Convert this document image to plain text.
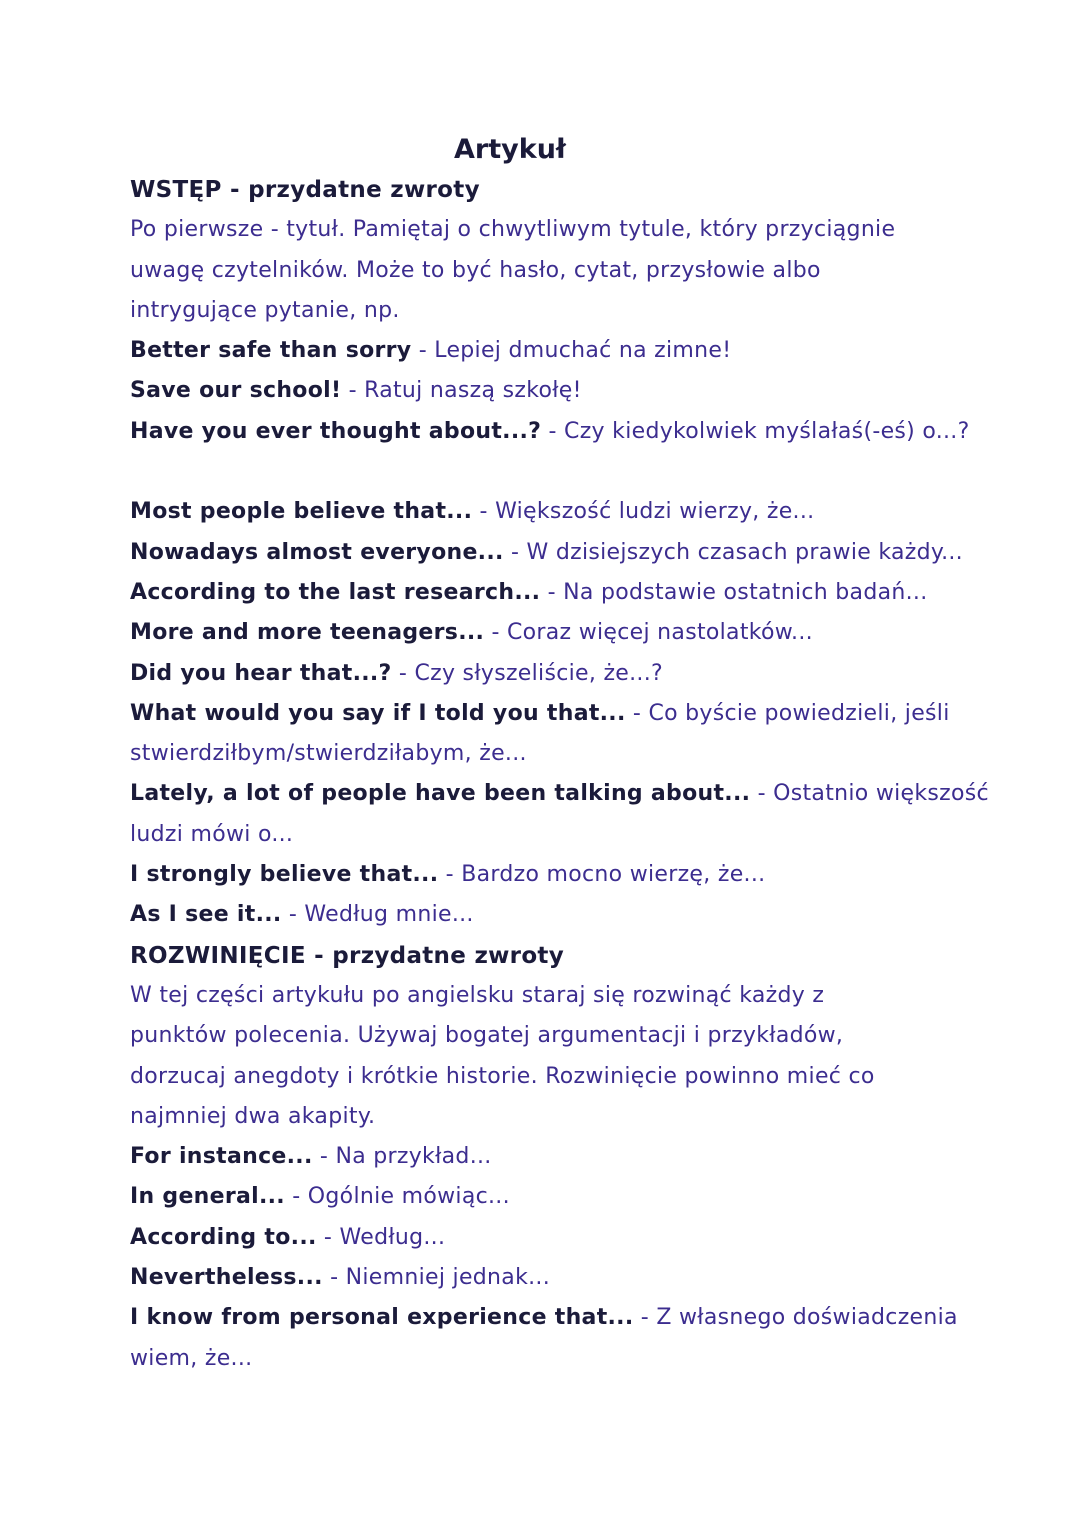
Artykuł
WSTĘP - przydatne zwroty
Po pierwsze - tytuł. Pamiętaj o chwytliwym tytule, który przyciągnie
uwagę czytelników. Może to być hasło, cytat, przysłowie albo
intrygujące pytanie, np.
Better safe than sorry - Lepiej dmuchać na zimne!
Save our school! - Ratuj naszą szkołę!
Have you ever thought about...? - Czy kiedykolwiek myślałaś(-eś) o...?
Most people believe that... - Większość ludzi wierzy, że...
Nowadays almost everyone... - W dzisiejszych czasach prawie każdy...
According to the last research... - Na podstawie ostatnich badań...
More and more teenagers... - Coraz więcej nastolatków...
Did you hear that...? - Czy słyszeliście, że...?
What would you say if I told you that... - Co byście powiedzieli, jeśli
stwierdziłbym/stwierdziłabym, że...
Lately, a lot of people have been talking about... - Ostatnio większość
ludzi mówi o...
I strongly believe that... - Bardzo mocno wierzę, że...
As I see it... - Według mnie...
ROZWINIĘCIE - przydatne zwroty
W tej części artykułu po angielsku staraj się rozwinąć każdy z
punktów polecenia. Używaj bogatej argumentacji i przykładów,
dorzucaj anegdoty i krótkie historie. Rozwinięcie powinno mieć co
najmniej dwa akapity.
For instance... - Na przykład...
In general... - Ogólnie mówiąc...
According to... - Według...
Nevertheless... - Niemniej jednak...
I know from personal experience that... - Z własnego doświadczenia
wiem, że...
